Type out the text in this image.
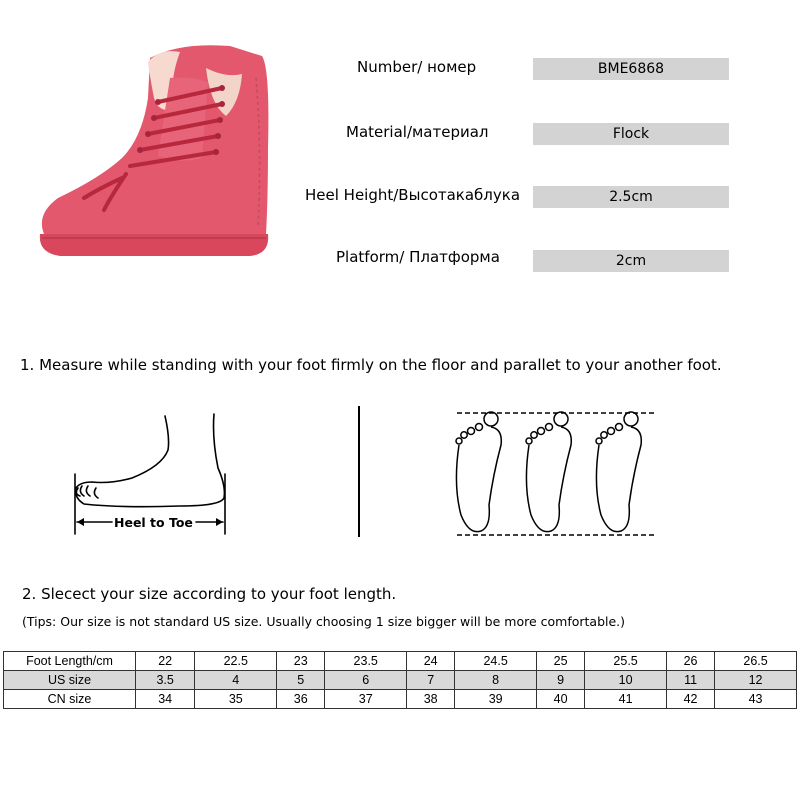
Number/ номер	BME6868
Material/материал	Flock
Heel Height/Высотакаблука	2.5cm
Platform/ Платформа	2cm
1. Measure while standing with your foot firmly on the floor and parallet to your another foot.
Heel to Toe
2. Slecect your size according to your foot length.
(Tips: Our size is not standard US size. Usually choosing 1 size bigger will be more comfortable.)
Foot Length/cm	22	22.5	23	23.5	24	24.5	25	25.5	26	26.5
US size	3.5	4	5	6	7	8	9	10	11	12
CN size	34	35	36	37	38	39	40	41	42	43
